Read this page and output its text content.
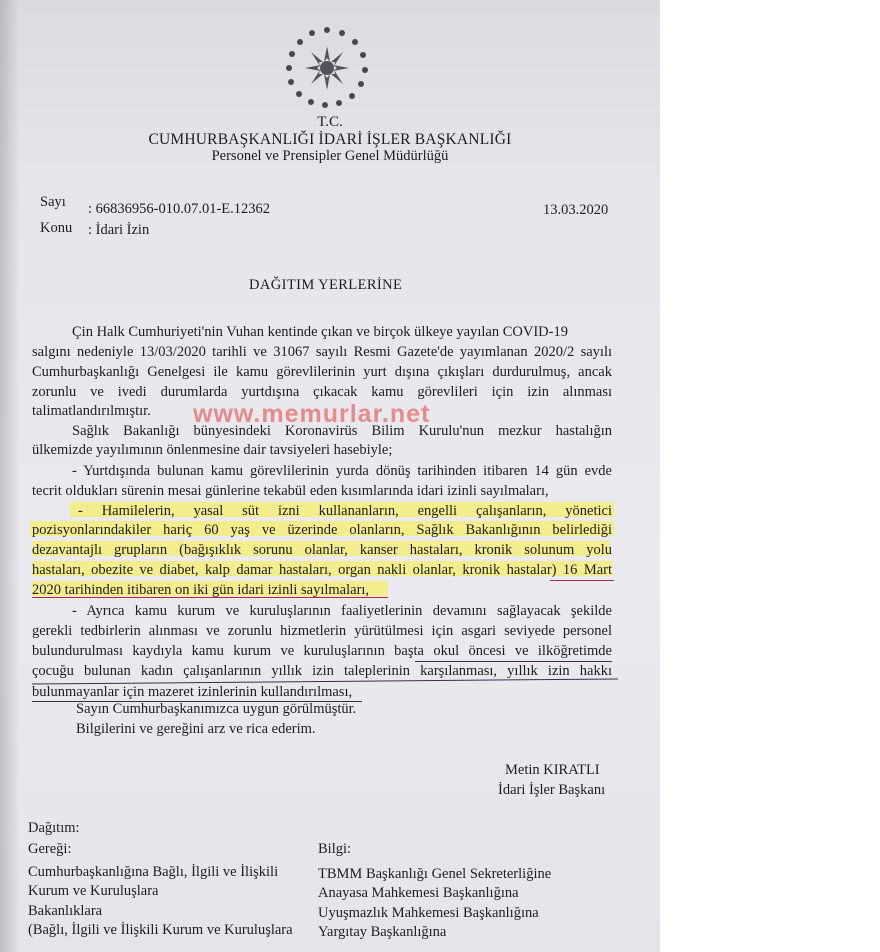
T.C.
CUMHURBAŞKANLIĞI İDARİ İŞLER BAŞKANLIĞI
Personel ve Prensipler Genel Müdürlüğü
Sayı : 66836956-010.07.01-E.12362	13.03.2020
Konu : İdari İzin
DAĞITIM YERLERİNE
Çin Halk Cumhuriyeti'nin Vuhan kentinde çıkan ve birçok ülkeye yayılan COVID-19
salgını nedeniyle 13/03/2020 tarihli ve 31067 sayılı Resmi Gazete'de yayımlanan 2020/2 sayılı
Cumhurbaşkanlığı Genelgesi ile kamu görevlilerinin yurt dışına çıkışları durdurulmuş, ancak
zorunlu ve ivedi durumlarda yurtdışına çıkacak kamu görevlileri için izin alınması
talimatlandırılmıştır.
Sağlık Bakanlığı bünyesindeki Koronavirüs Bilim Kurulu'nun mezkur hastalığın
ülkemizde yayılımının önlenmesine dair tavsiyeleri hasebiyle;
- Yurtdışında bulunan kamu görevlilerinin yurda dönüş tarihinden itibaren 14 gün evde
tecrit oldukları sürenin mesai günlerine tekabül eden kısımlarında idari izinli sayılmaları,
- Hamilelerin, yasal süt izni kullananların, engelli çalışanların, yönetici
pozisyonlarındakiler hariç 60 yaş ve üzerinde olanların, Sağlık Bakanlığının belirlediği
dezavantajlı grupların (bağışıklık sorunu olanlar, kanser hastaları, kronik solunum yolu
hastaları, obezite ve diabet, kalp damar hastaları, organ nakli olanlar, kronik hastalar) 16 Mart
2020 tarihinden itibaren on iki gün idari izinli sayılmaları,
- Ayrıca kamu kurum ve kuruluşlarının faaliyetlerinin devamını sağlayacak şekilde
gerekli tedbirlerin alınması ve zorunlu hizmetlerin yürütülmesi için asgari seviyede personel
bulundurulması kaydıyla kamu kurum ve kuruluşlarının başta okul öncesi ve ilköğretimde
çocuğu bulunan kadın çalışanlarının yıllık izin taleplerinin karşılanması, yıllık izin hakkı
bulunmayanlar için mazeret izinlerinin kullandırılması,
Sayın Cumhurbaşkanımızca uygun görülmüştür.
Bilgilerini ve gereğini arz ve rica ederim.
www.memurlar.net
Metin KIRATLI
İdari İşler Başkanı
Dağıtım:
Gereği:
Cumhurbaşkanlığına Bağlı, İlgili ve İlişkili
Kurum ve Kuruluşlara
Bakanlıklara
(Bağlı, İlgili ve İlişkili Kurum ve Kuruluşlara
Bilgi:
TBMM Başkanlığı Genel Sekreterliğine
Anayasa Mahkemesi Başkanlığına
Uyuşmazlık Mahkemesi Başkanlığına
Yargıtay Başkanlığına
